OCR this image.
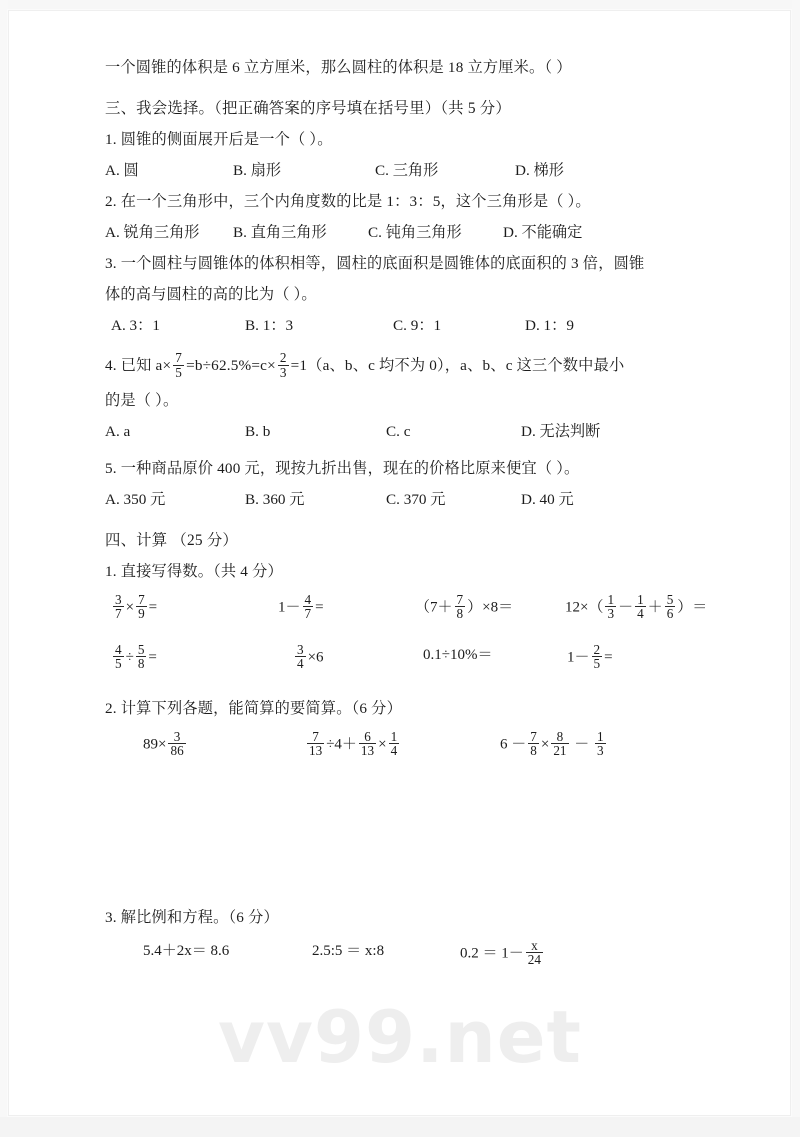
一个圆锥的体积是 6 立方厘米，那么圆柱的体积是 18 立方厘米。（ ）
三、我会选择。（把正确答案的序号填在括号里）（共 5 分）
1. 圆锥的侧面展开后是一个（ ）。
A. 圆	B. 扇形	C. 三角形	D. 梯形
2. 在一个三角形中，三个内角度数的比是 1：3：5，这个三角形是（ ）。
A. 锐角三角形 B. 直角三角形	C. 钝角三角形	D. 不能确定
3. 一个圆柱与圆锥体的体积相等，圆柱的底面积是圆锥体的底面积的 3 倍，圆锥
体的高与圆柱的高的比为（ ）。
A. 3：1	B. 1：3	C. 9：1	D. 1：9
4. 已知 $a\times \frac{7}{5} =b\div 62.5\%=c\times \frac{2}{3} =1(a$、b、c 均不为 0），a、b、c 这三个数中最小
的是（ ）。
A. a	B. b	C. c	D. 无法判断
5. 一种商品原价 400 元，现按九折出售，现在的价格比原来便宜（ ）。
A. 350 元	B. 360 元	C. 370 元	D. 40 元
四、计算 （25 分）
1. 直接写得数。（共 4 分）
$\frac{3}{7} \times \frac{7}{9}$ =	$1- \frac{4}{7}$ =	$(7+ \frac{7}{8} )\times 8=$	$12\times( \frac{1}{3} - \frac{1}{4} + \frac{5}{6}$ ）＝
$\frac{4}{5} \div \frac{5}{8}$ =	$\frac{3}{4} \times 6$	0.1÷10%＝	$1- \frac{2}{5}$ =
2. 计算下列各题，能简算的要简算。（6 分）
$89\times \frac{3}{86}$	$\frac{7}{13} \div 4+ \frac{6}{13} \times \frac{1}{4}$	$6 - \frac{7}{8} \times \frac{8}{21} - \frac{1}{3}$
3. 解比例和方程。（6 分）
5.4＋2x＝ 8.6	2.5:5 ＝ x:8	$0.2 = 1- \frac{x}{24}$
vv99.net
